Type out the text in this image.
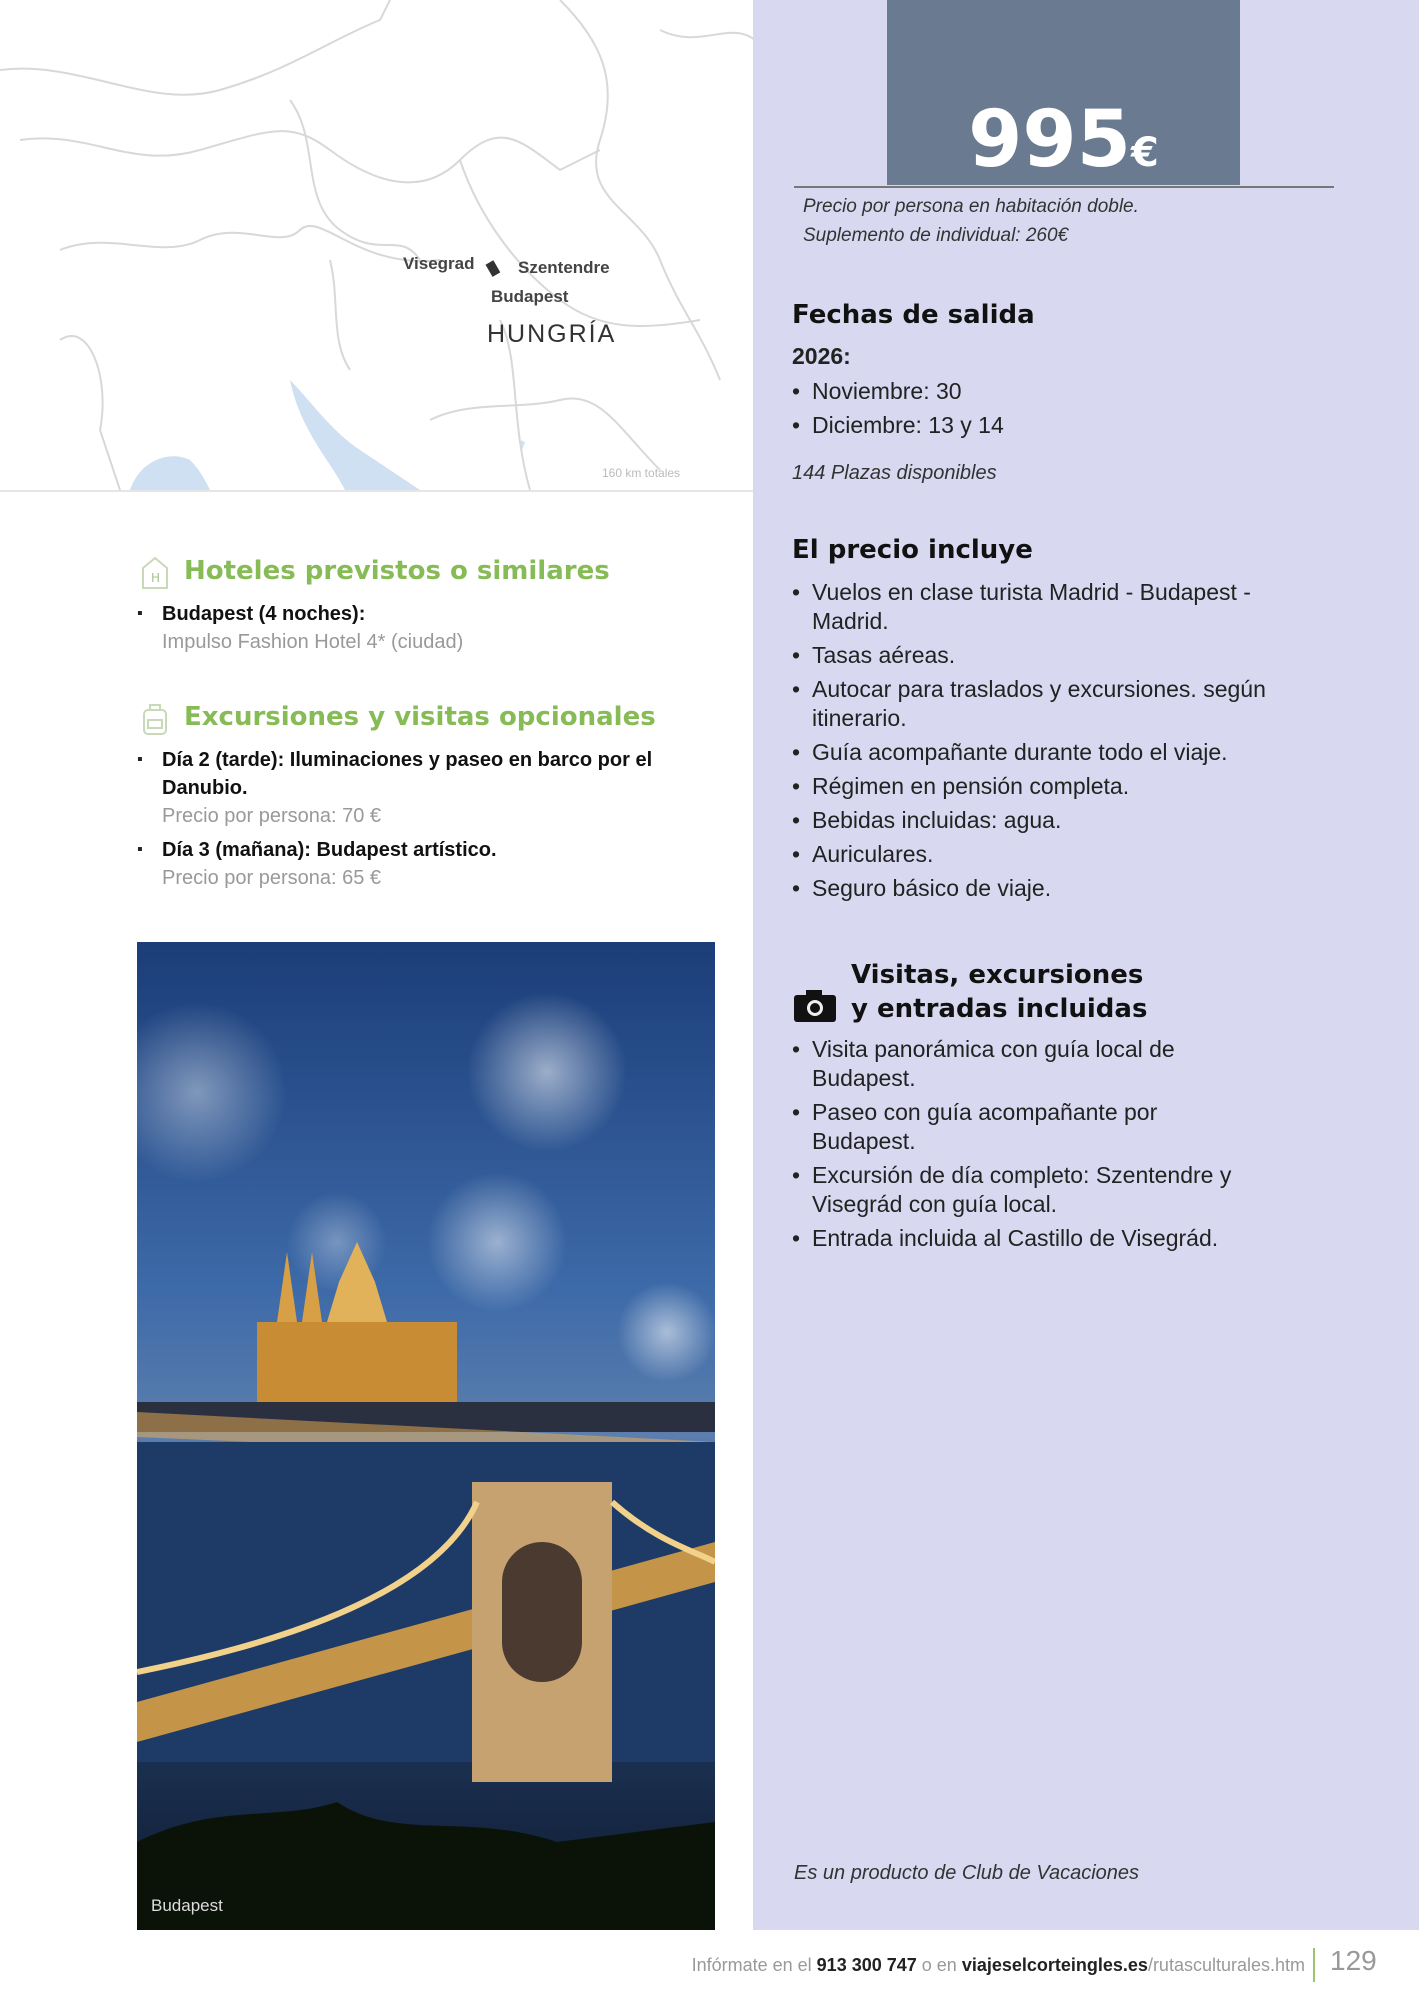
Visegrad	Szentendre
Budapest
HUNGRÍA
160 km totales
995€
Precio por persona en habitación doble.
Suplemento de individual: 260€
Fechas de salida
2026:
• Noviembre: 30
• Diciembre: 13 y 14
144 Plazas disponibles
El precio incluye
• Vuelos en clase turista Madrid - Budapest - Madrid.
• Tasas aéreas.
• Autocar para traslados y excursiones. según itinerario.
• Guía acompañante durante todo el viaje.
• Régimen en pensión completa.
• Bebidas incluidas: agua.
• Auriculares.
• Seguro básico de viaje.
Visitas, excursiones
y entradas incluidas
• Visita panorámica con guía local de Budapest.
• Paseo con guía acompañante por Budapest.
• Excursión de día completo: Szentendre y Visegrád con guía local.
• Entrada incluida al Castillo de Visegrád.
Es un producto de Club de Vacaciones
H Hoteles previstos o similares
▪ Budapest (4 noches):
Impulso Fashion Hotel 4* (ciudad)
Excursiones y visitas opcionales
▪ Día 2 (tarde): Iluminaciones y paseo en barco por el Danubio.
Precio por persona: 70 €
▪ Día 3 (mañana): Budapest artístico.
Precio por persona: 65 €
Budapest
Infórmate en el 913 300 747 o en viajeselcorteingles.es/rutasculturales.htm 129
